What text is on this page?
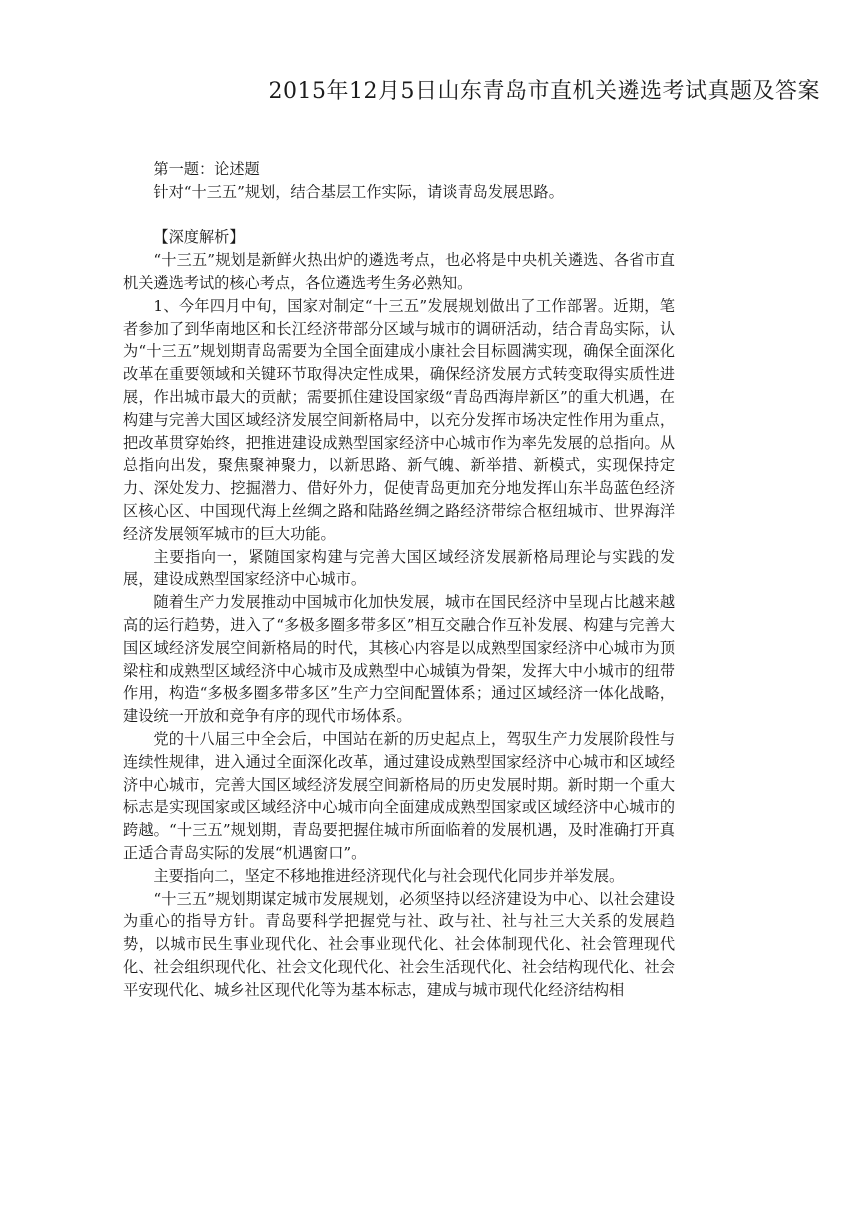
2015年12月5日山东青岛市直机关遴选考试真题及答案

第一题：论述题

针对“十三五”规划，结合基层工作实际，请谈青岛发展思路。

【深度解析】

“十三五”规划是新鲜火热出炉的遴选考点，也必将是中央机关遴选、各省市直机关遴选考试的核心考点，各位遴选考生务必熟知。

1、今年四月中旬，国家对制定“十三五”发展规划做出了工作部署。近期，笔者参加了到华南地区和长江经济带部分区域与城市的调研活动，结合青岛实际，认为“十三五”规划期青岛需要为全国全面建成小康社会目标圆满实现，确保全面深化改革在重要领域和关键环节取得决定性成果，确保经济发展方式转变取得实质性进展，作出城市最大的贡献；需要抓住建设国家级“青岛西海岸新区”的重大机遇，在构建与完善大国区域经济发展空间新格局中，以充分发挥市场决定性作用为重点，把改革贯穿始终，把推进建设成熟型国家经济中心城市作为率先发展的总指向。从总指向出发，聚焦聚神聚力，以新思路、新气魄、新举措、新模式，实现保持定力、深处发力、挖掘潜力、借好外力，促使青岛更加充分地发挥山东半岛蓝色经济区核心区、中国现代海上丝绸之路和陆路丝绸之路经济带综合枢纽城市、世界海洋经济发展领军城市的巨大功能。

主要指向一，紧随国家构建与完善大国区域经济发展新格局理论与实践的发展，建设成熟型国家经济中心城市。

随着生产力发展推动中国城市化加快发展，城市在国民经济中呈现占比越来越高的运行趋势，进入了“多极多圈多带多区”相互交融合作互补发展、构建与完善大国区域经济发展空间新格局的时代，其核心内容是以成熟型国家经济中心城市为顶梁柱和成熟型区域经济中心城市及成熟型中心城镇为骨架，发挥大中小城市的纽带作用，构造“多极多圈多带多区”生产力空间配置体系；通过区域经济一体化战略，建设统一开放和竞争有序的现代市场体系。

党的十八届三中全会后，中国站在新的历史起点上，驾驭生产力发展阶段性与连续性规律，进入通过全面深化改革，通过建设成熟型国家经济中心城市和区域经济中心城市，完善大国区域经济发展空间新格局的历史发展时期。新时期一个重大标志是实现国家或区域经济中心城市向全面建成成熟型国家或区域经济中心城市的跨越。“十三五”规划期，青岛要把握住城市所面临着的发展机遇，及时准确打开真正适合青岛实际的发展“机遇窗口”。

主要指向二，坚定不移地推进经济现代化与社会现代化同步并举发展。

“十三五”规划期谋定城市发展规划，必须坚持以经济建设为中心、以社会建设为重心的指导方针。青岛要科学把握党与社、政与社、社与社三大关系的发展趋势，以城市民生事业现代化、社会事业现代化、社会体制现代化、社会管理现代化、社会组织现代化、社会文化现代化、社会生活现代化、社会结构现代化、社会平安现代化、城乡社区现代化等为基本标志，建成与城市现代化经济结构相
